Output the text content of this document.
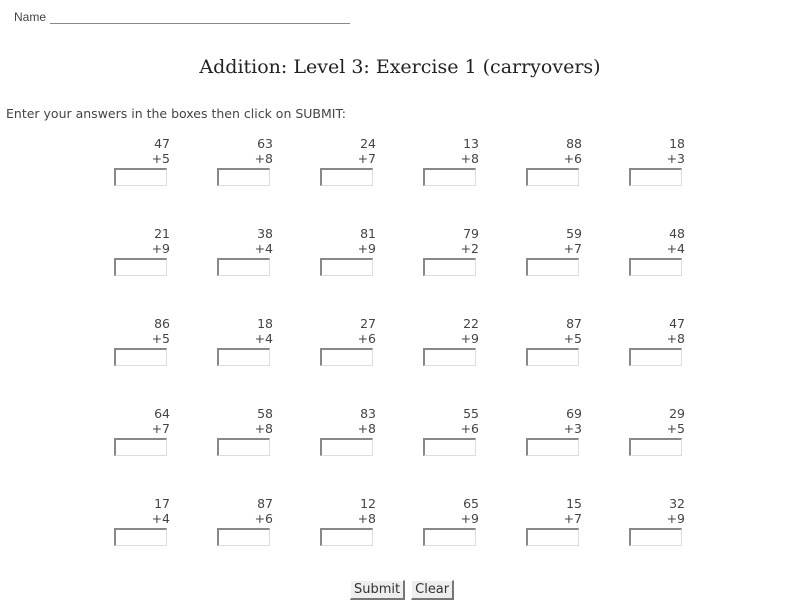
Name
Addition: Level 3: Exercise 1 (carryovers)
Enter your answers in the boxes then click on SUBMIT:
47
+5
63
+8
24
+7
13
+8
88
+6
18
+3
21
+9
38
+4
81
+9
79
+2
59
+7
48
+4
86
+5
18
+4
27
+6
22
+9
87
+5
47
+8
64
+7
58
+8
83
+8
55
+6
69
+3
29
+5
17
+4
87
+6
12
+8
65
+9
15
+7
32
+9
Submit	Clear
